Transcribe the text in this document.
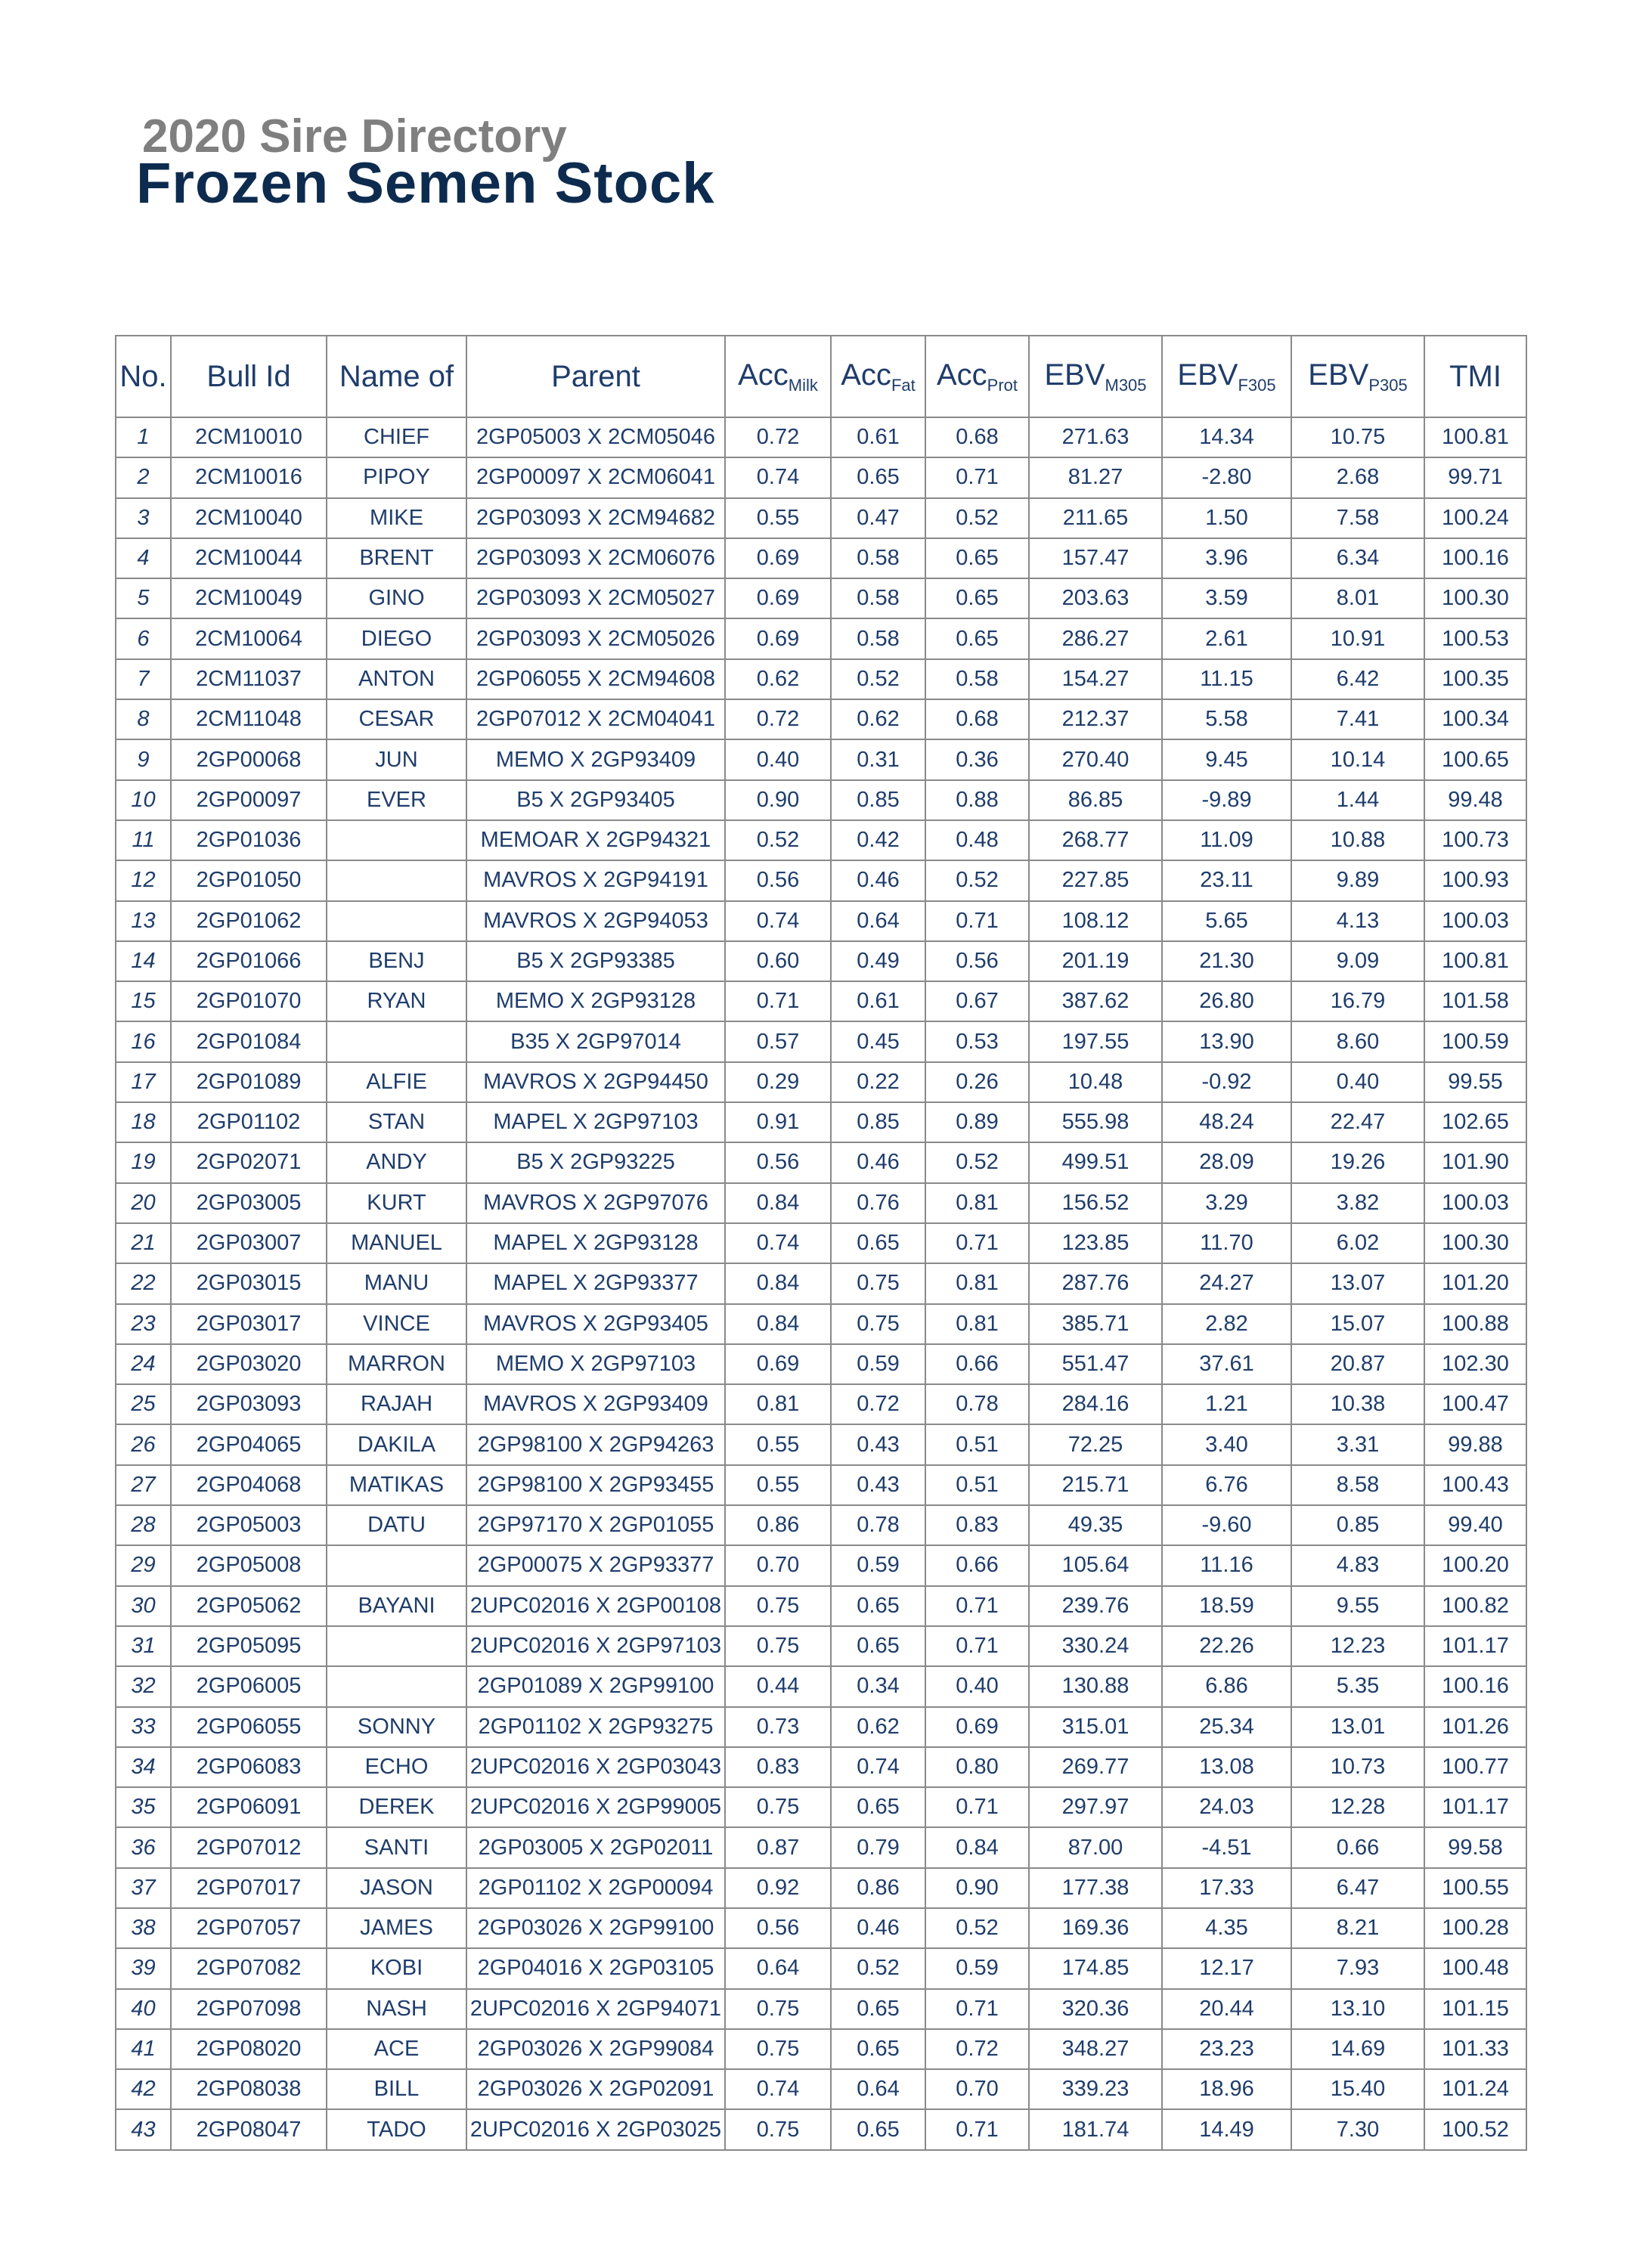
2020 Sire Directory
Frozen Semen Stock
No.	Bull Id	Name of	Parent	Acc$_{Milk}$	Acc$_{Fat}$	Acc$_{Prot}$	$EBV_{M305}$	$EBV_{F305}$	$EBV_{P305}$	TMI
1	2CM10010	CHIEF	2GP05003 X 2CM05046	0.72	0.61	0.68	271.63	14.34	10.75	100.81
2	2CM10016	PIPOY	2GP00097 X 2CM06041	0.74	0.65	0.71	81.27	-2.80	2.68	99.71
3	2CM10040	MIKE	2GP03093 X 2CM94682	0.55	0.47	0.52	211.65	1.50	7.58	100.24
4	2CM10044	BRENT	2GP03093 X 2CM06076	0.69	0.58	0.65	157.47	3.96	6.34	100.16
5	2CM10049	GINO	2GP03093 X 2CM05027	0.69	0.58	0.65	203.63	3.59	8.01	100.30
6	2CM10064	DIEGO	2GP03093 X 2CM05026	0.69	0.58	0.65	286.27	2.61	10.91	100.53
7	2CM11037	ANTON	2GP06055 X 2CM94608	0.62	0.52	0.58	154.27	11.15	6.42	100.35
8	2CM11048	CESAR	2GP07012 X 2CM04041	0.72	0.62	0.68	212.37	5.58	7.41	100.34
9	2GP00068	JUN	MEMO X 2GP93409	0.40	0.31	0.36	270.40	9.45	10.14	100.65
10	2GP00097	EVER	B5 X 2GP93405	0.90	0.85	0.88	86.85	-9.89	1.44	99.48
11	2GP01036		MEMOAR X 2GP94321	0.52	0.42	0.48	268.77	11.09	10.88	100.73
12	2GP01050		MAVROS X 2GP94191	0.56	0.46	0.52	227.85	23.11	9.89	100.93
13	2GP01062		MAVROS X 2GP94053	0.74	0.64	0.71	108.12	5.65	4.13	100.03
14	2GP01066	BENJ	B5 X 2GP93385	0.60	0.49	0.56	201.19	21.30	9.09	100.81
15	2GP01070	RYAN	MEMO X 2GP93128	0.71	0.61	0.67	387.62	26.80	16.79	101.58
16	2GP01084		B35 X 2GP97014	0.57	0.45	0.53	197.55	13.90	8.60	100.59
17	2GP01089	ALFIE	MAVROS X 2GP94450	0.29	0.22	0.26	10.48	-0.92	0.40	99.55
18	2GP01102	STAN	MAPEL X 2GP97103	0.91	0.85	0.89	555.98	48.24	22.47	102.65
19	2GP02071	ANDY	B5 X 2GP93225	0.56	0.46	0.52	499.51	28.09	19.26	101.90
20	2GP03005	KURT	MAVROS X 2GP97076	0.84	0.76	0.81	156.52	3.29	3.82	100.03
21	2GP03007	MANUEL	MAPEL X 2GP93128	0.74	0.65	0.71	123.85	11.70	6.02	100.30
22	2GP03015	MANU	MAPEL X 2GP93377	0.84	0.75	0.81	287.76	24.27	13.07	101.20
23	2GP03017	VINCE	MAVROS X 2GP93405	0.84	0.75	0.81	385.71	2.82	15.07	100.88
24	2GP03020	MARRON	MEMO X 2GP97103	0.69	0.59	0.66	551.47	37.61	20.87	102.30
25	2GP03093	RAJAH	MAVROS X 2GP93409	0.81	0.72	0.78	284.16	1.21	10.38	100.47
26	2GP04065	DAKILA	2GP98100 X 2GP94263	0.55	0.43	0.51	72.25	3.40	3.31	99.88
27	2GP04068	MATIKAS	2GP98100 X 2GP93455	0.55	0.43	0.51	215.71	6.76	8.58	100.43
28	2GP05003	DATU	2GP97170 X 2GP01055	0.86	0.78	0.83	49.35	-9.60	0.85	99.40
29	2GP05008		2GP00075 X 2GP93377	0.70	0.59	0.66	105.64	11.16	4.83	100.20
30	2GP05062	BAYANI	2UPC02016 X 2GP00108	0.75	0.65	0.71	239.76	18.59	9.55	100.82
31	2GP05095		2UPC02016 X 2GP97103	0.75	0.65	0.71	330.24	22.26	12.23	101.17
32	2GP06005		2GP01089 X 2GP99100	0.44	0.34	0.40	130.88	6.86	5.35	100.16
33	2GP06055	SONNY	2GP01102 X 2GP93275	0.73	0.62	0.69	315.01	25.34	13.01	101.26
34	2GP06083	ECHO	2UPC02016 X 2GP03043	0.83	0.74	0.80	269.77	13.08	10.73	100.77
35	2GP06091	DEREK	2UPC02016 X 2GP99005	0.75	0.65	0.71	297.97	24.03	12.28	101.17
36	2GP07012	SANTI	2GP03005 X 2GP02011	0.87	0.79	0.84	87.00	-4.51	0.66	99.58
37	2GP07017	JASON	2GP01102 X 2GP00094	0.92	0.86	0.90	177.38	17.33	6.47	100.55
38	2GP07057	JAMES	2GP03026 X 2GP99100	0.56	0.46	0.52	169.36	4.35	8.21	100.28
39	2GP07082	KOBI	2GP04016 X 2GP03105	0.64	0.52	0.59	174.85	12.17	7.93	100.48
40	2GP07098	NASH	2UPC02016 X 2GP94071	0.75	0.65	0.71	320.36	20.44	13.10	101.15
41	2GP08020	ACE	2GP03026 X 2GP99084	0.75	0.65	0.72	348.27	23.23	14.69	101.33
42	2GP08038	BILL	2GP03026 X 2GP02091	0.74	0.64	0.70	339.23	18.96	15.40	101.24
43	2GP08047	TADO	2UPC02016 X 2GP03025	0.75	0.65	0.71	181.74	14.49	7.30	100.52
